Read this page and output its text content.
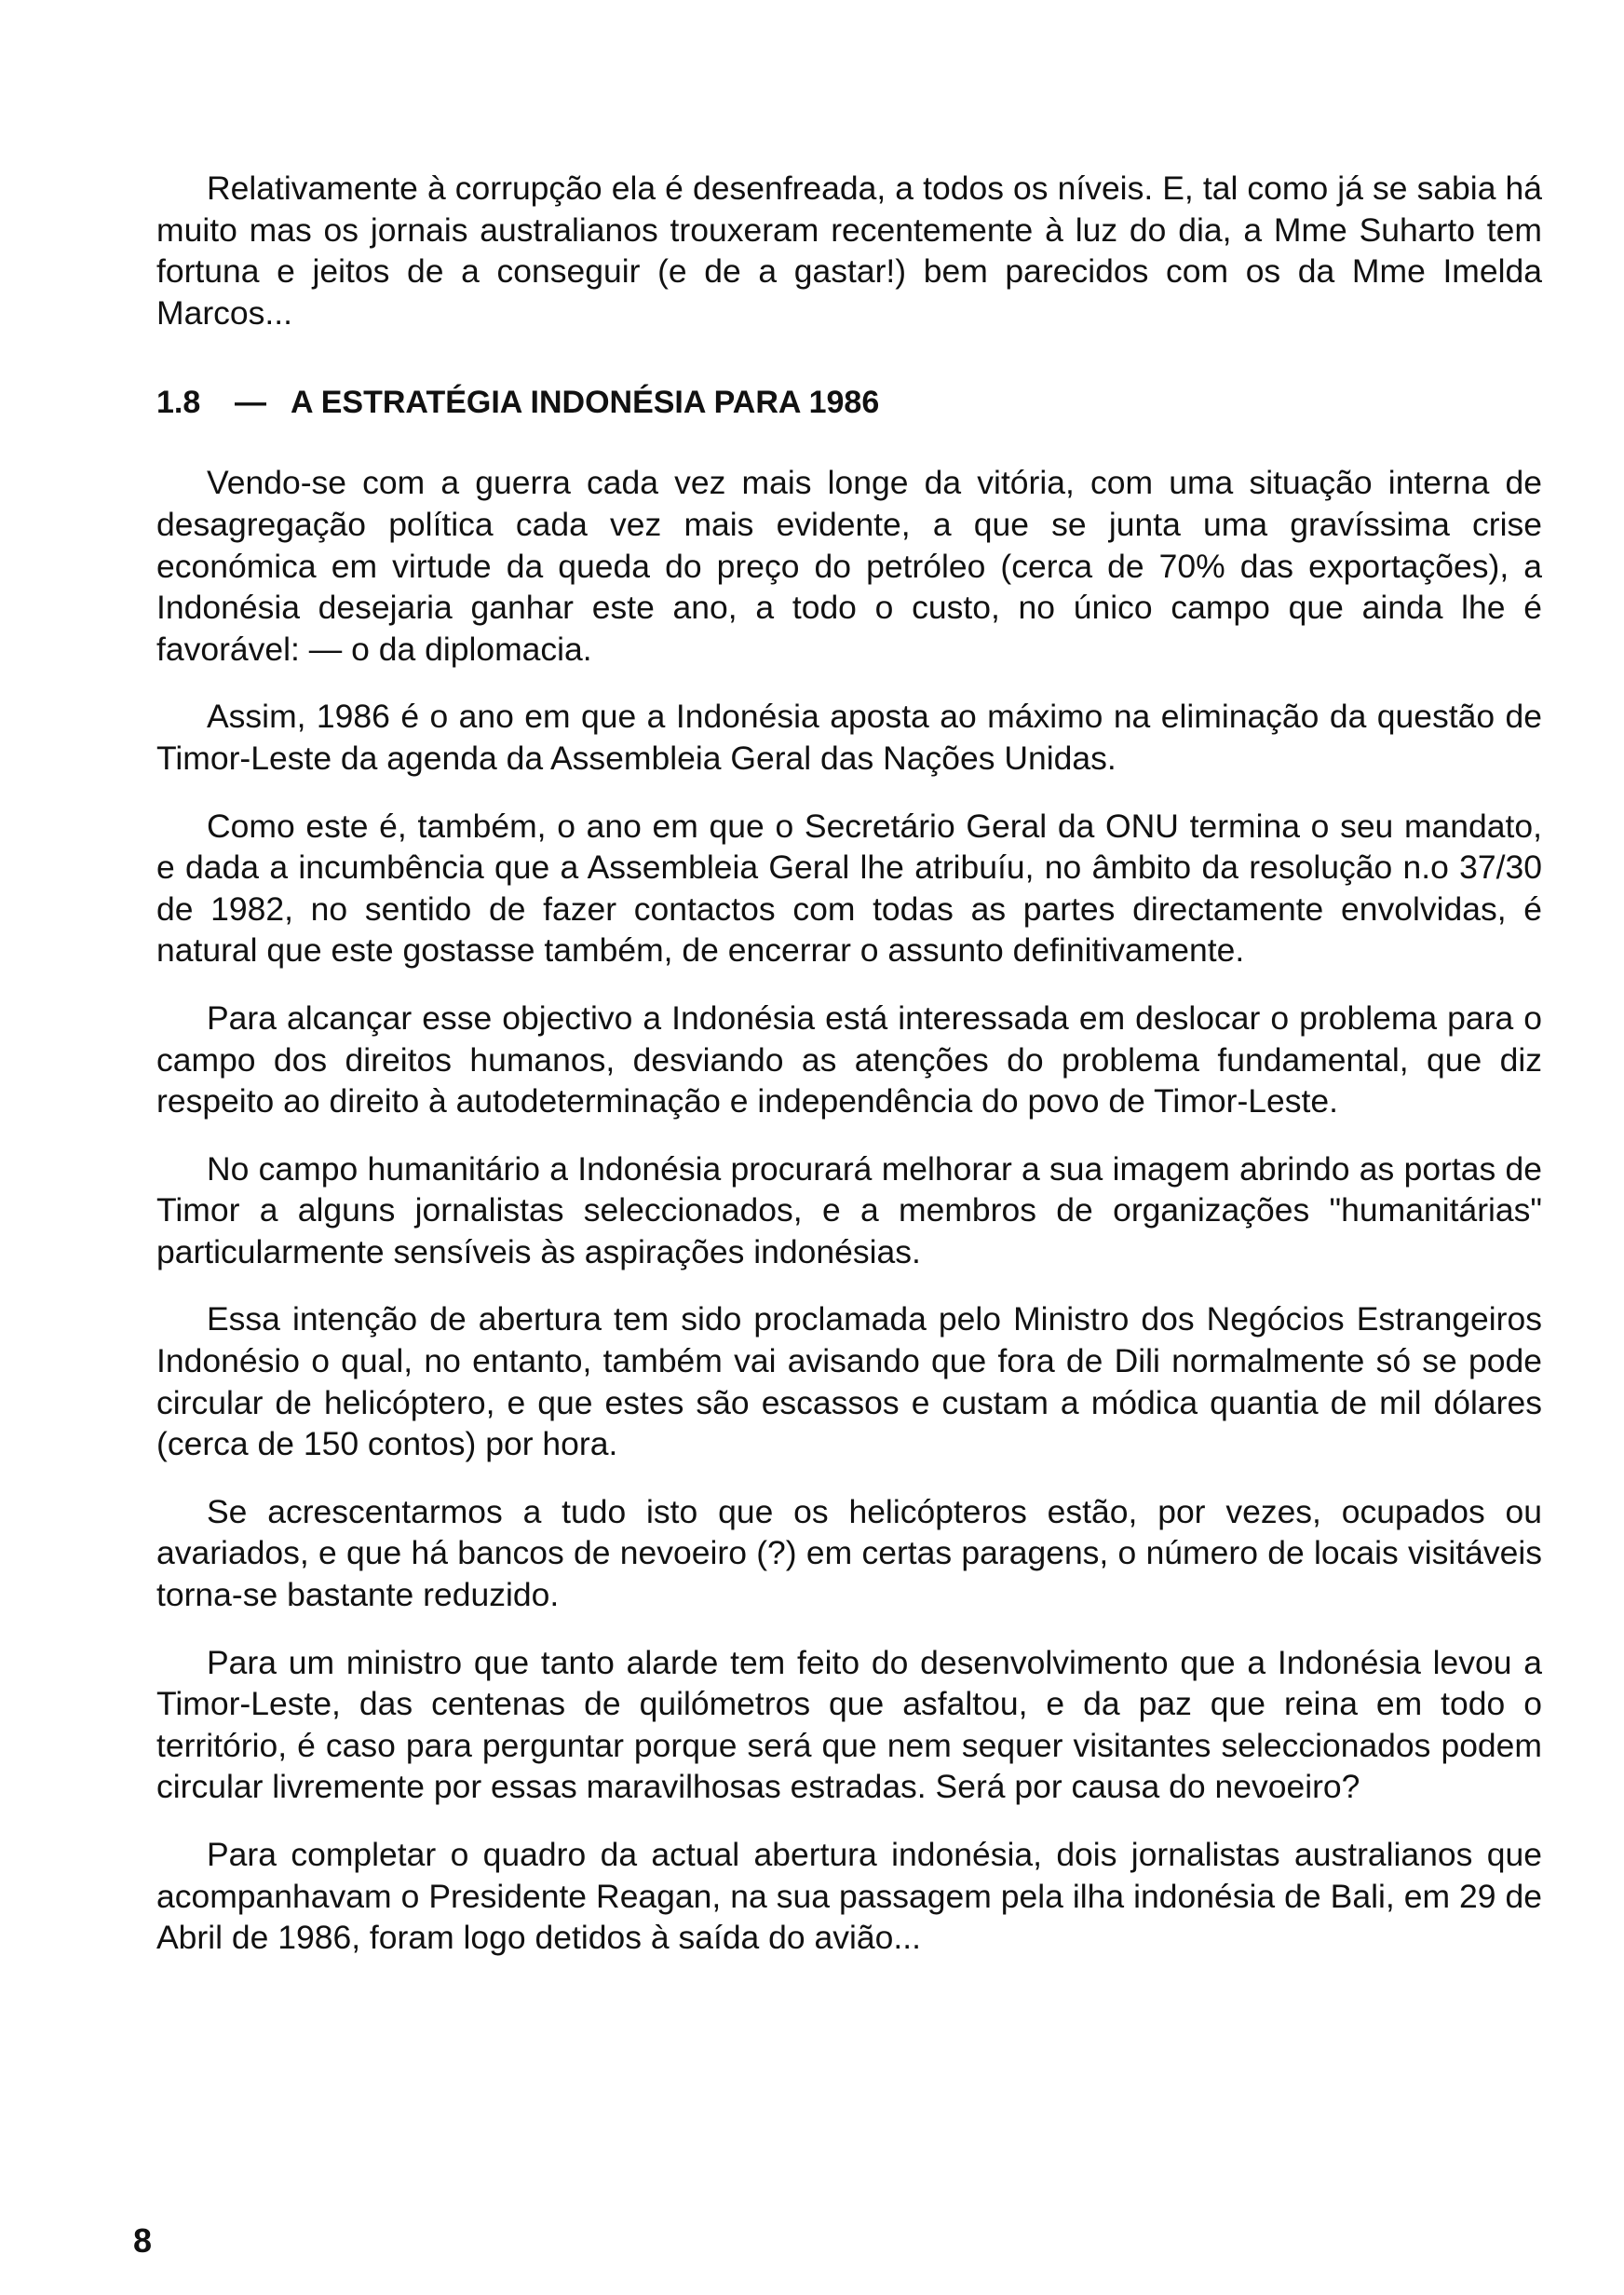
Relativamente à corrupção ela é desenfreada, a todos os níveis. E, tal como já se sabia há muito mas os jornais australianos trouxeram recentemente à luz do dia, a Mme Suharto tem fortuna e jeitos de a conseguir (e de a gastar!) bem parecidos com os da Mme Imelda Marcos...

1.8	— A ESTRATÉGIA INDONÉSIA PARA 1986

Vendo-se com a guerra cada vez mais longe da vitória, com uma situação interna de desagregação política cada vez mais evidente, a que se junta uma gravíssima crise económica em virtude da queda do preço do petróleo (cerca de 70% das exportações), a Indonésia desejaria ganhar este ano, a todo o custo, no único campo que ainda lhe é favorável: — o da diplomacia.

Assim, 1986 é o ano em que a Indonésia aposta ao máximo na eliminação da questão de Timor-Leste da agenda da Assembleia Geral das Nações Unidas.

Como este é, também, o ano em que o Secretário Geral da ONU termina o seu mandato, e dada a incumbência que a Assembleia Geral lhe atribuíu, no âmbito da resolução n.o 37/30 de 1982, no sentido de fazer contactos com todas as partes directamente envolvidas, é natural que este gostasse também, de encerrar o assunto definitivamente.

Para alcançar esse objectivo a Indonésia está interessada em deslocar o problema para o campo dos direitos humanos, desviando as atenções do problema fundamental, que diz respeito ao direito à autodeterminação e independência do povo de Timor-Leste.

No campo humanitário a Indonésia procurará melhorar a sua imagem abrindo as portas de Timor a alguns jornalistas seleccionados, e a membros de organizações "humanitárias" particularmente sensíveis às aspirações indonésias.

Essa intenção de abertura tem sido proclamada pelo Ministro dos Negócios Estrangeiros Indonésio o qual, no entanto, também vai avisando que fora de Dili normalmente só se pode circular de helicóptero, e que estes são escassos e custam a módica quantia de mil dólares (cerca de 150 contos) por hora.

Se acrescentarmos a tudo isto que os helicópteros estão, por vezes, ocupados ou avariados, e que há bancos de nevoeiro (?) em certas paragens, o número de locais visitáveis torna-se bastante reduzido.

Para um ministro que tanto alarde tem feito do desenvolvimento que a Indonésia levou a Timor-Leste, das centenas de quilómetros que asfaltou, e da paz que reina em todo o território, é caso para perguntar porque será que nem sequer visitantes seleccionados podem circular livremente por essas maravilhosas estradas. Será por causa do nevoeiro?

Para completar o quadro da actual abertura indonésia, dois jornalistas australianos que acompanhavam o Presidente Reagan, na sua passagem pela ilha indonésia de Bali, em 29 de Abril de 1986, foram logo detidos à saída do avião...

8
